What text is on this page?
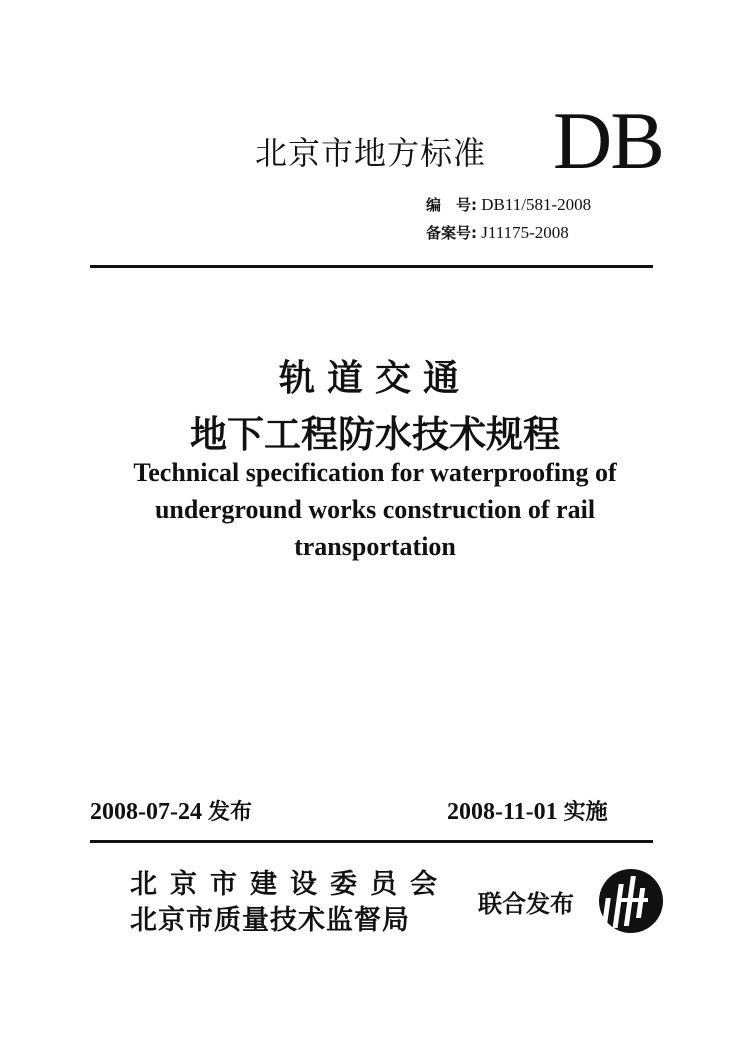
北京市地方标准 DB
编　号: DB11/581-2008
备案号: J11175-2008
轨道交通
地下工程防水技术规程
Technical specification for waterproofing of
underground works construction of rail
transportation
2008-07-24 发布	2008-11-01 实施
北京市建设委员会
北京市质量技术监督局
联合发布
